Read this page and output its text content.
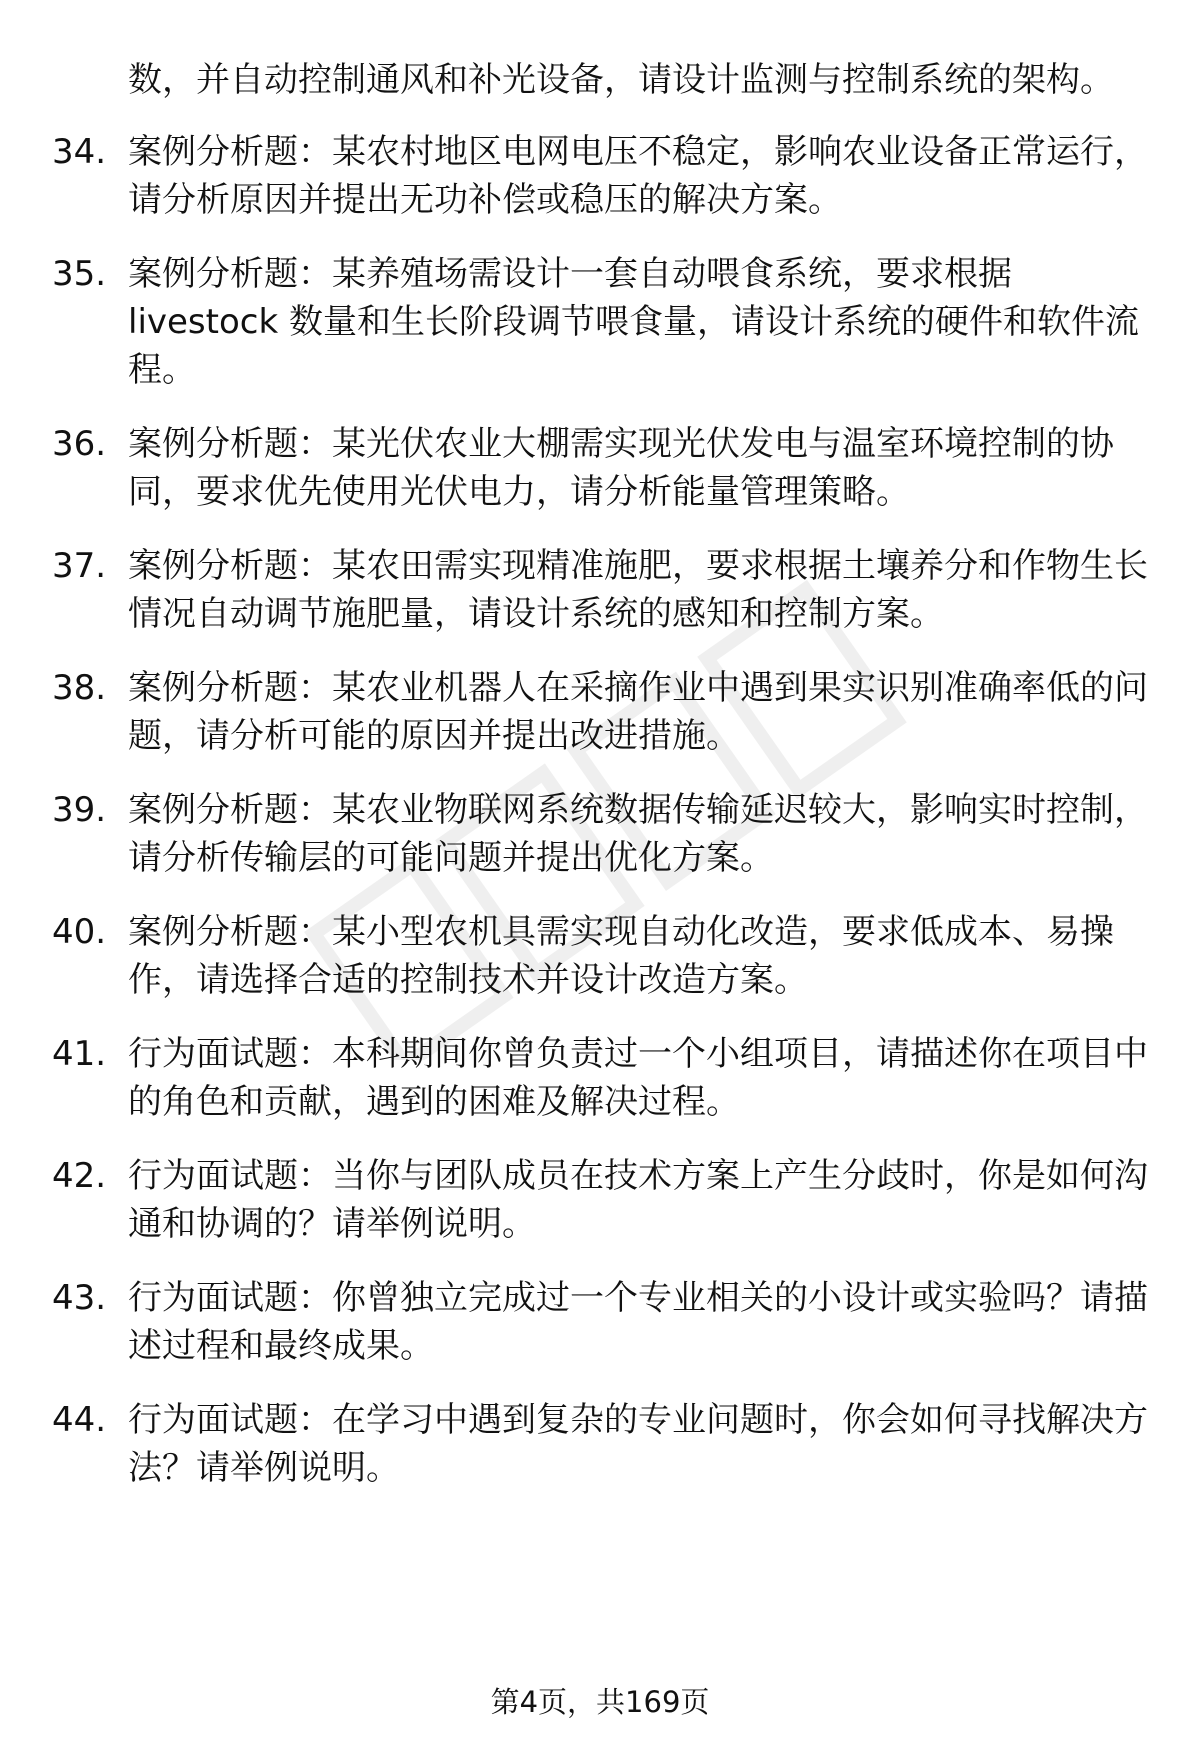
数，并自动控制通风和补光设备，请设计监测与控制系统的架构。
34. 案例分析题：某农村地区电网电压不稳定，影响农业设备正常运行，请分析原因并提出无功补偿或稳压的解决方案。
35. 案例分析题：某养殖场需设计一套自动喂食系统，要求根据 livestock 数量和生长阶段调节喂食量，请设计系统的硬件和软件流程。
36. 案例分析题：某光伏农业大棚需实现光伏发电与温室环境控制的协同，要求优先使用光伏电力，请分析能量管理策略。
37. 案例分析题：某农田需实现精准施肥，要求根据土壤养分和作物生长情况自动调节施肥量，请设计系统的感知和控制方案。
38. 案例分析题：某农业机器人在采摘作业中遇到果实识别准确率低的问题，请分析可能的原因并提出改进措施。
39. 案例分析题：某农业物联网系统数据传输延迟较大，影响实时控制，请分析传输层的可能问题并提出优化方案。
40. 案例分析题：某小型农机具需实现自动化改造，要求低成本、易操作，请选择合适的控制技术并设计改造方案。
41. 行为面试题：本科期间你曾负责过一个小组项目，请描述你在项目中的角色和贡献，遇到的困难及解决过程。
42. 行为面试题：当你与团队成员在技术方案上产生分歧时，你是如何沟通和协调的？请举例说明。
43. 行为面试题：你曾独立完成过一个专业相关的小设计或实验吗？请描述过程和最终成果。
44. 行为面试题：在学习中遇到复杂的专业问题时，你会如何寻找解决方法？请举例说明。
第4页，共169页
